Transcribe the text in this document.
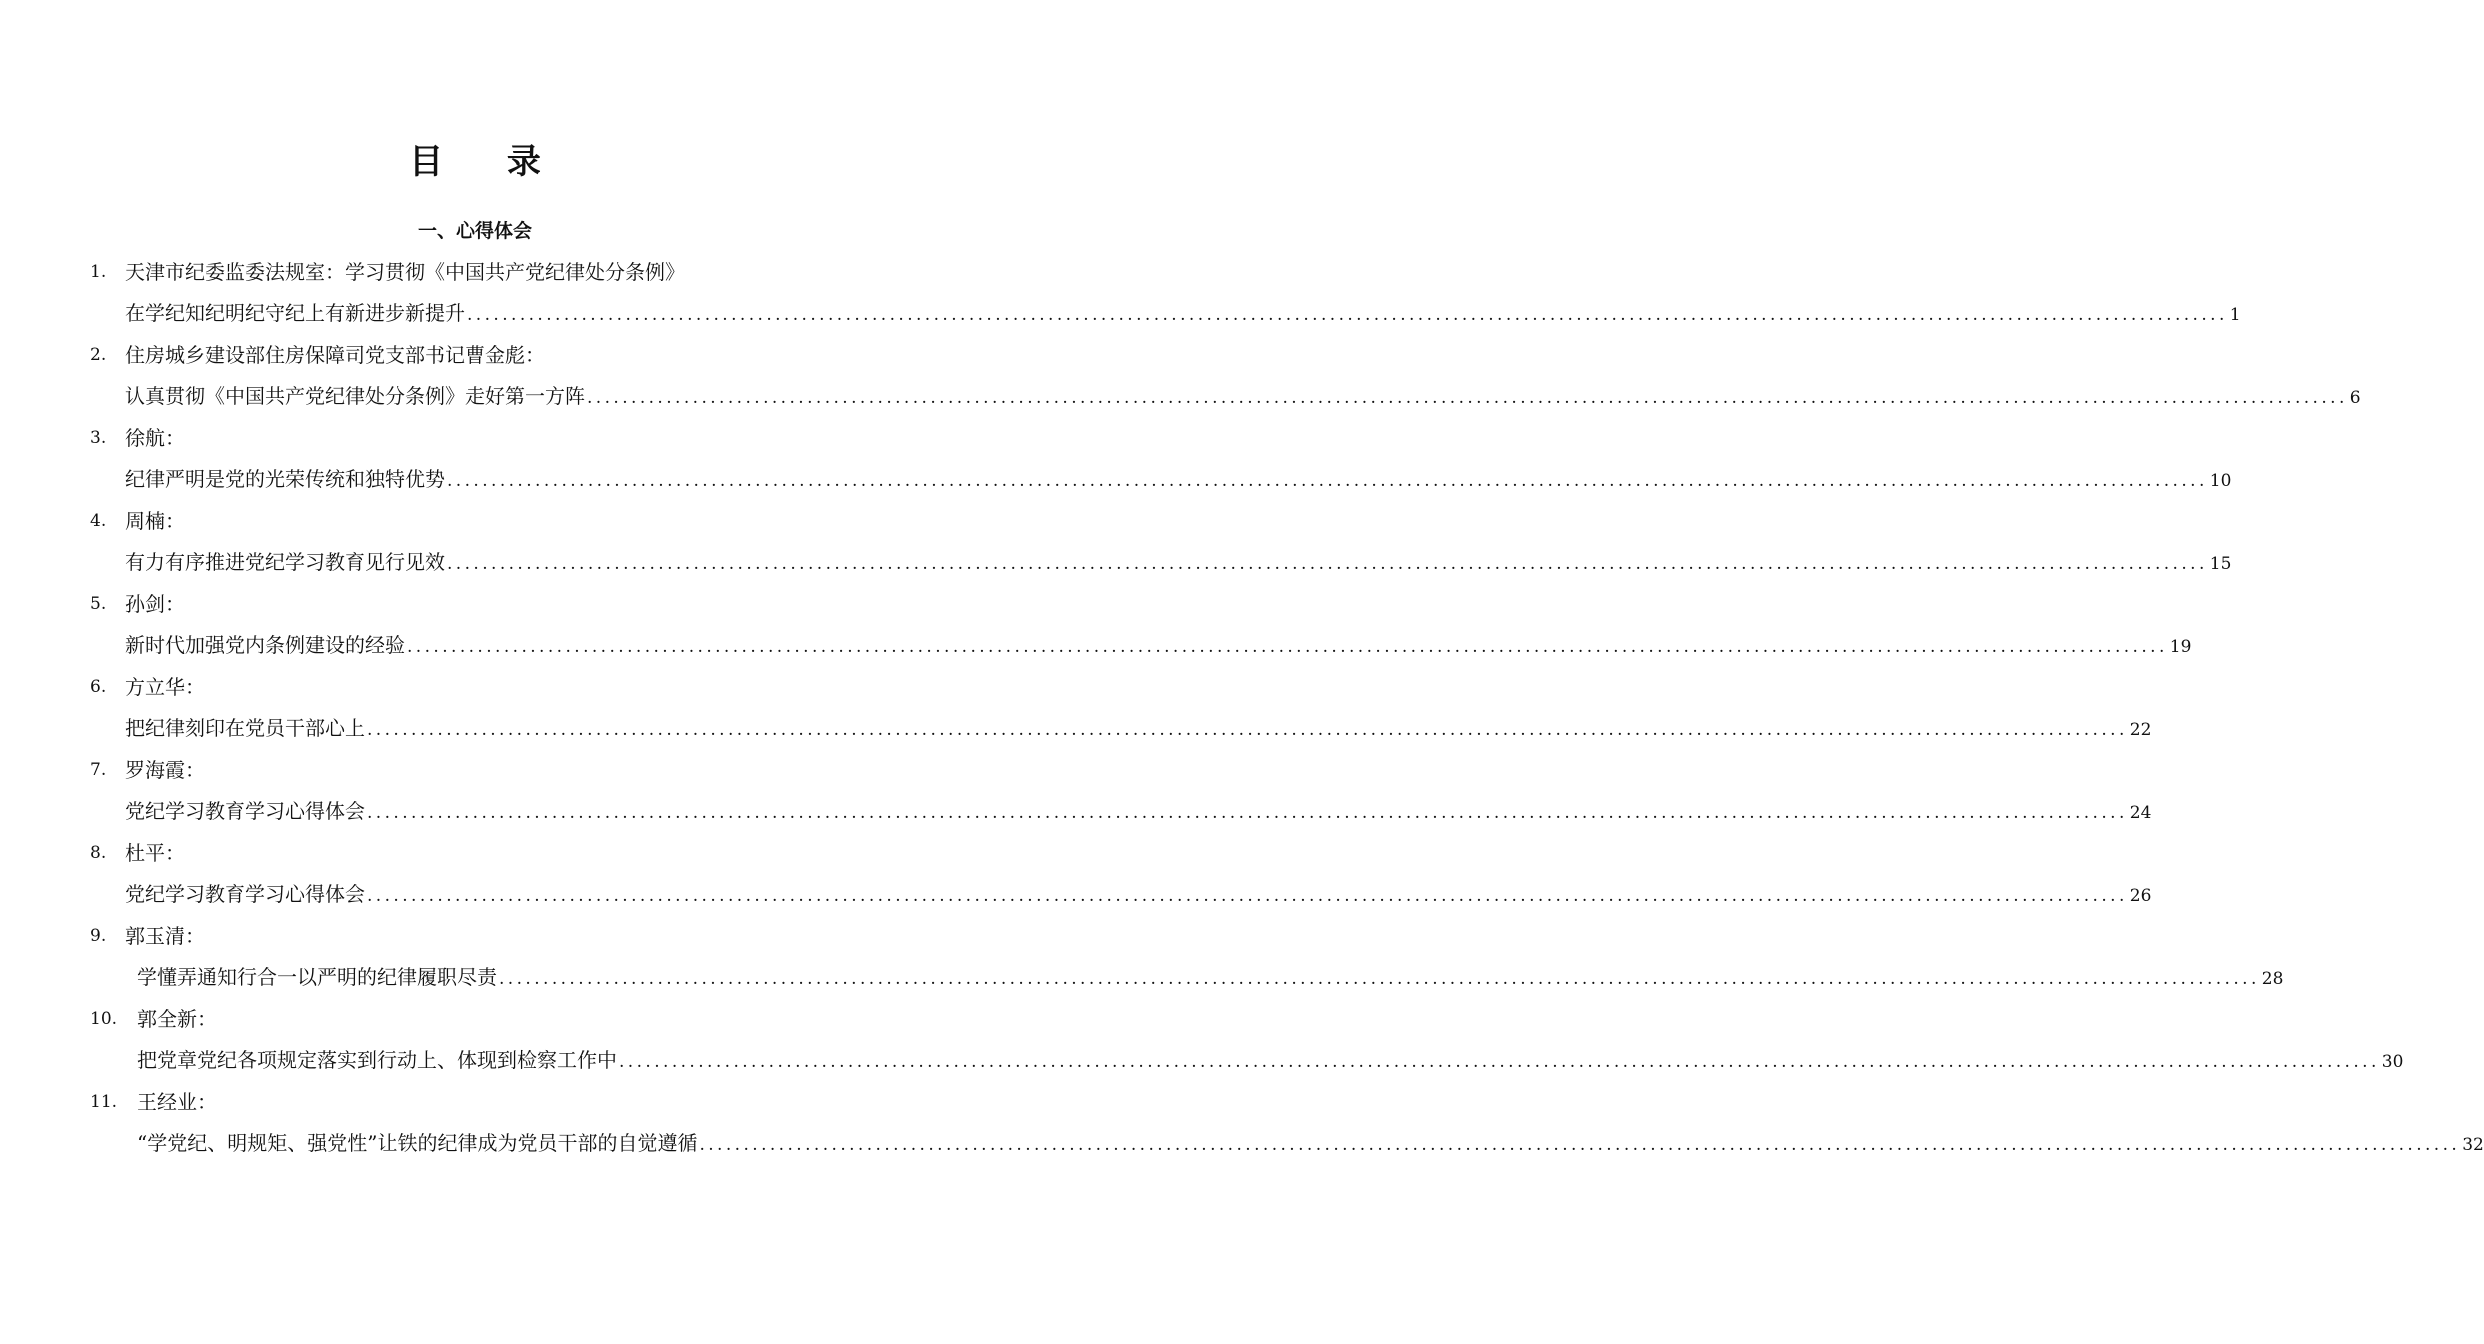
目 录
一、心得体会
1. 天津市纪委监委法规室：学习贯彻《中国共产党纪律处分条例》
在学纪知纪明纪守纪上有新进步新提升 ........................................................................................................................................................................................................ 1
2. 住房城乡建设部住房保障司党支部书记曹金彪：
认真贯彻《中国共产党纪律处分条例》走好第一方阵 ........................................................................................................................................................................................................ 6
3. 徐航：
纪律严明是党的光荣传统和独特优势 ........................................................................................................................................................................................................ 10
4. 周楠：
有力有序推进党纪学习教育见行见效 ........................................................................................................................................................................................................ 15
5. 孙剑：
新时代加强党内条例建设的经验 ........................................................................................................................................................................................................ 19
6. 方立华：
把纪律刻印在党员干部心上 ........................................................................................................................................................................................................ 22
7. 罗海霞：
党纪学习教育学习心得体会 ........................................................................................................................................................................................................ 24
8. 杜平：
党纪学习教育学习心得体会 ........................................................................................................................................................................................................ 26
9. 郭玉清：
学懂弄通知行合一以严明的纪律履职尽责 ........................................................................................................................................................................................................ 28
10. 郭全新：
把党章党纪各项规定落实到行动上、体现到检察工作中 ........................................................................................................................................................................................................ 30
11. 王经业：
“学党纪、明规矩、强党性”让铁的纪律成为党员干部的自觉遵循 ........................................................................................................................................................................................................ 32
